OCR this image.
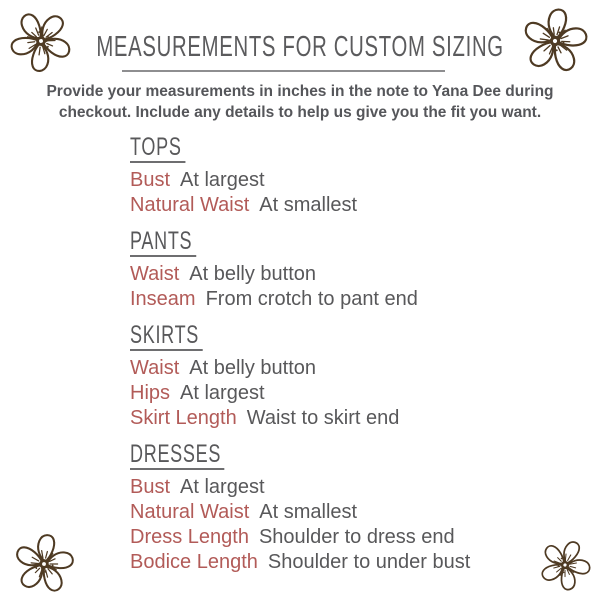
MEASUREMENTS FOR CUSTOM SIZING
Provide your measurements in inches in the note to Yana Dee during
checkout. Include any details to help us give you the fit you want.
TOPS
Bust At largest
Natural Waist At smallest
PANTS
Waist At belly button
Inseam From crotch to pant end
SKIRTS
Waist At belly button
Hips At largest
Skirt Length Waist to skirt end
DRESSES
Bust At largest
Natural Waist At smallest
Dress Length Shoulder to dress end
Bodice Length Shoulder to under bust
